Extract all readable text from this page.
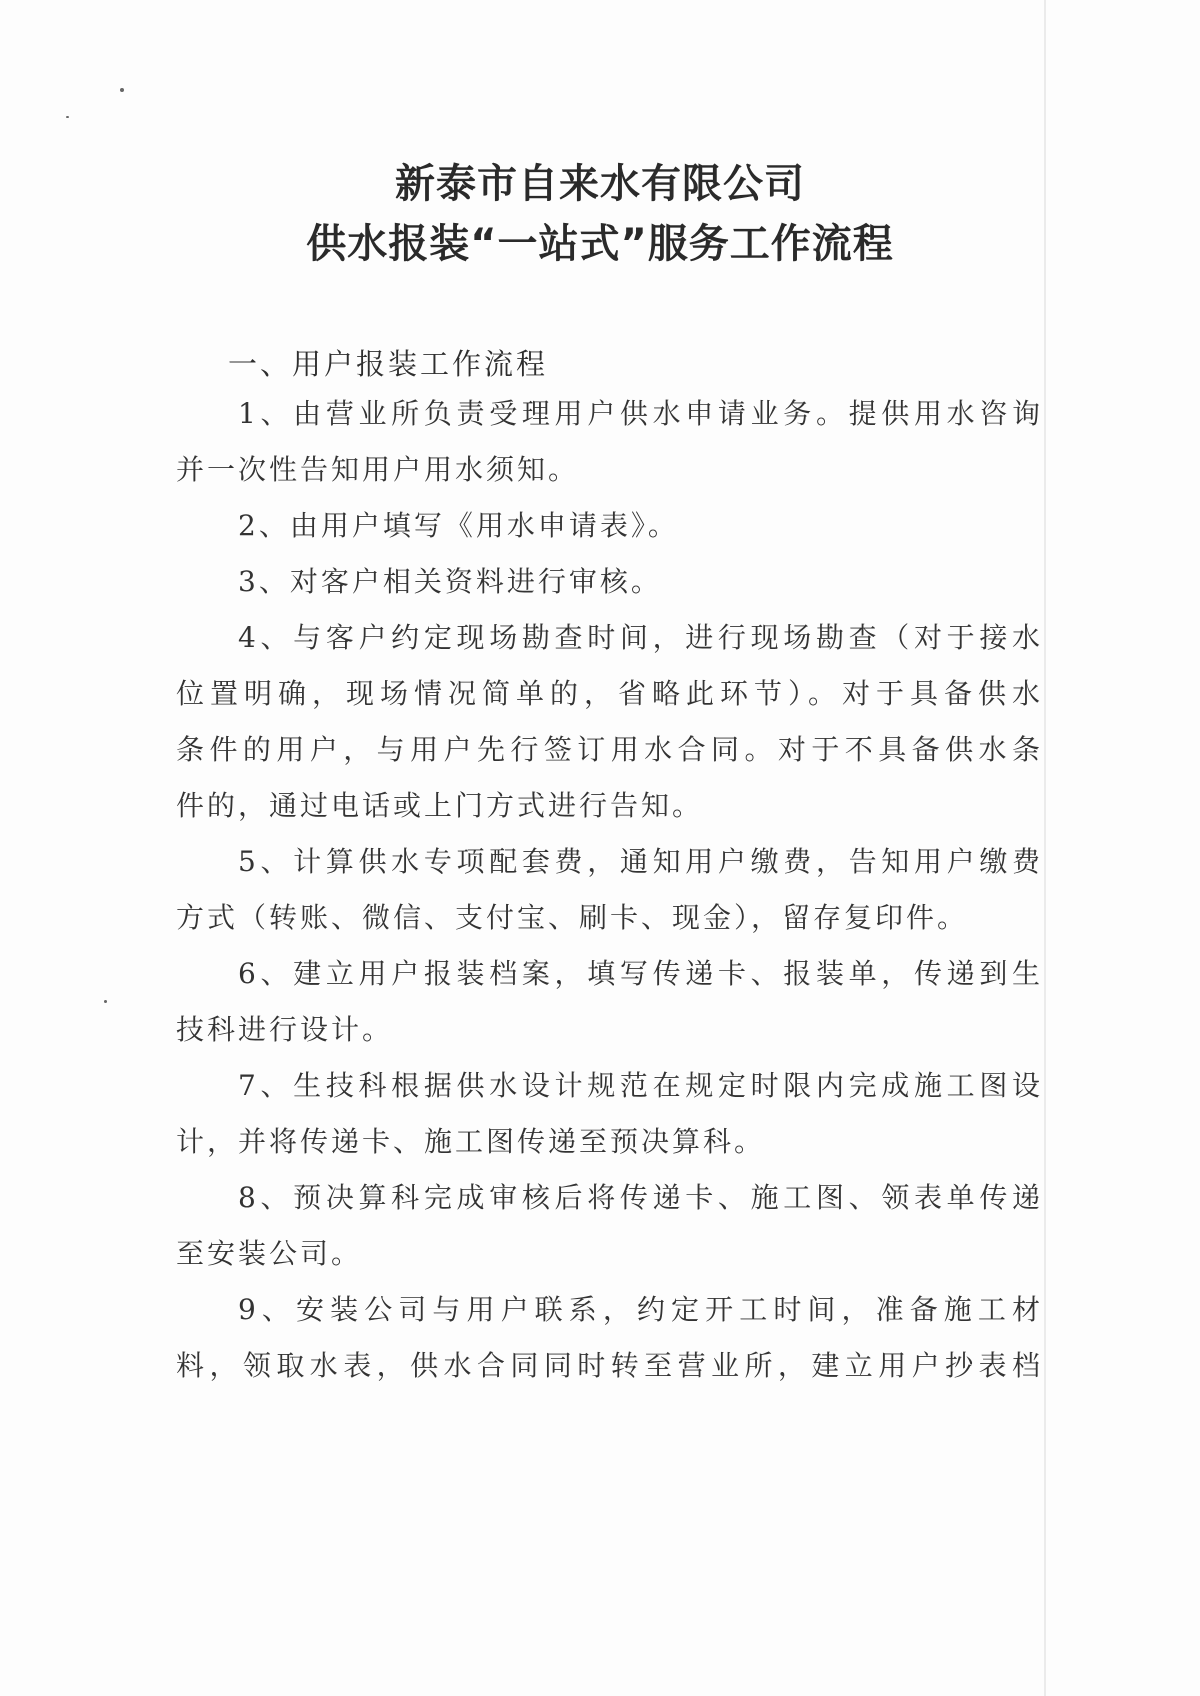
新泰市自来水有限公司
供水报装“一站式”服务工作流程
一、用户报装工作流程
1、由营业所负责受理用户供水申请业务。提供用水咨询
并一次性告知用户用水须知。
2、由用户填写《用水申请表》。
3、对客户相关资料进行审核。
4、与客户约定现场勘查时间，进行现场勘查（对于接水
位置明确，现场情况简单的，省略此环节）。对于具备供水
条件的用户，与用户先行签订用水合同。对于不具备供水条
件的，通过电话或上门方式进行告知。
5、计算供水专项配套费，通知用户缴费，告知用户缴费
方式（转账、微信、支付宝、刷卡、现金），留存复印件。
6、建立用户报装档案，填写传递卡、报装单，传递到生
技科进行设计。
7、生技科根据供水设计规范在规定时限内完成施工图设
计，并将传递卡、施工图传递至预决算科。
8、预决算科完成审核后将传递卡、施工图、领表单传递
至安装公司。
9、安装公司与用户联系，约定开工时间，准备施工材
料，领取水表，供水合同同时转至营业所，建立用户抄表档
